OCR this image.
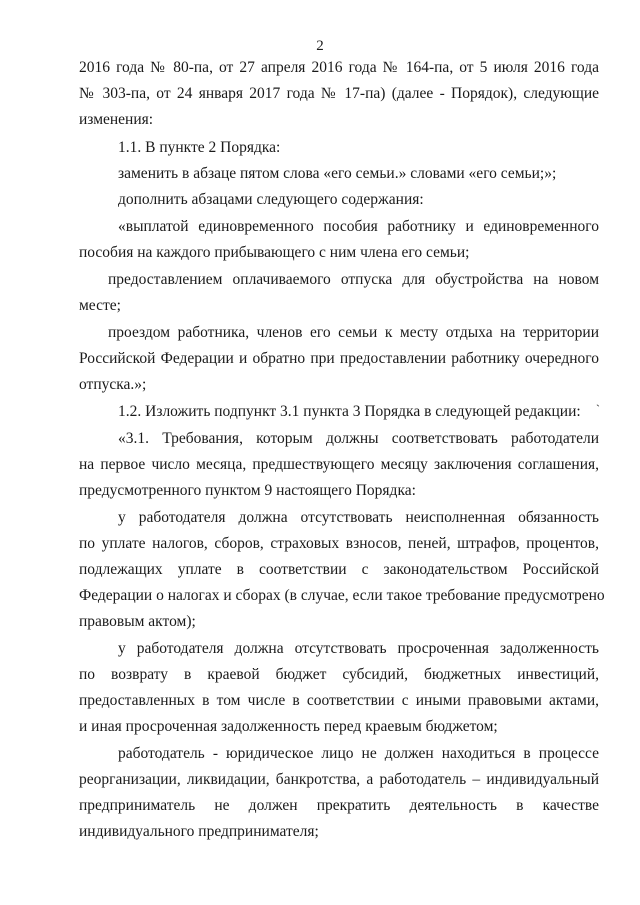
2
2016 года № 80-па, от 27 апреля 2016 года № 164-па, от 5 июля 2016 года
№ 303-па, от 24 января 2017 года № 17-па) (далее - Порядок), следующие
изменения:
1.1. В пункте 2 Порядка:
заменить в абзаце пятом слова «его семьи.» словами «его семьи;»;
дополнить абзацами следующего содержания:
«выплатой единовременного пособия работнику и единовременного
пособия на каждого прибывающего с ним члена его семьи;
предоставлением оплачиваемого отпуска для обустройства на новом
месте;
проездом работника, членов его семьи к месту отдыха на территории
Российской Федерации и обратно при предоставлении работнику очередного
отпуска.»;
1.2. Изложить подпункт 3.1 пункта 3 Порядка в следующей редакции:	`
«3.1. Требования, которым должны соответствовать работодатели
на первое число месяца, предшествующего месяцу заключения соглашения,
предусмотренного пунктом 9 настоящего Порядка:
у работодателя должна отсутствовать неисполненная обязанность
по уплате налогов, сборов, страховых взносов, пеней, штрафов, процентов,
подлежащих уплате в соответствии с законодательством Российской
Федерации о налогах и сборах (в случае, если такое требование предусмотрено
правовым актом);
у работодателя должна отсутствовать просроченная задолженность
по возврату в краевой бюджет субсидий, бюджетных инвестиций,
предоставленных в том числе в соответствии с иными правовыми актами,
и иная просроченная задолженность перед краевым бюджетом;
работодатель - юридическое лицо не должен находиться в процессе
реорганизации, ликвидации, банкротства, а работодатель – индивидуальный
предприниматель не должен прекратить деятельность в качестве
индивидуального предпринимателя;
